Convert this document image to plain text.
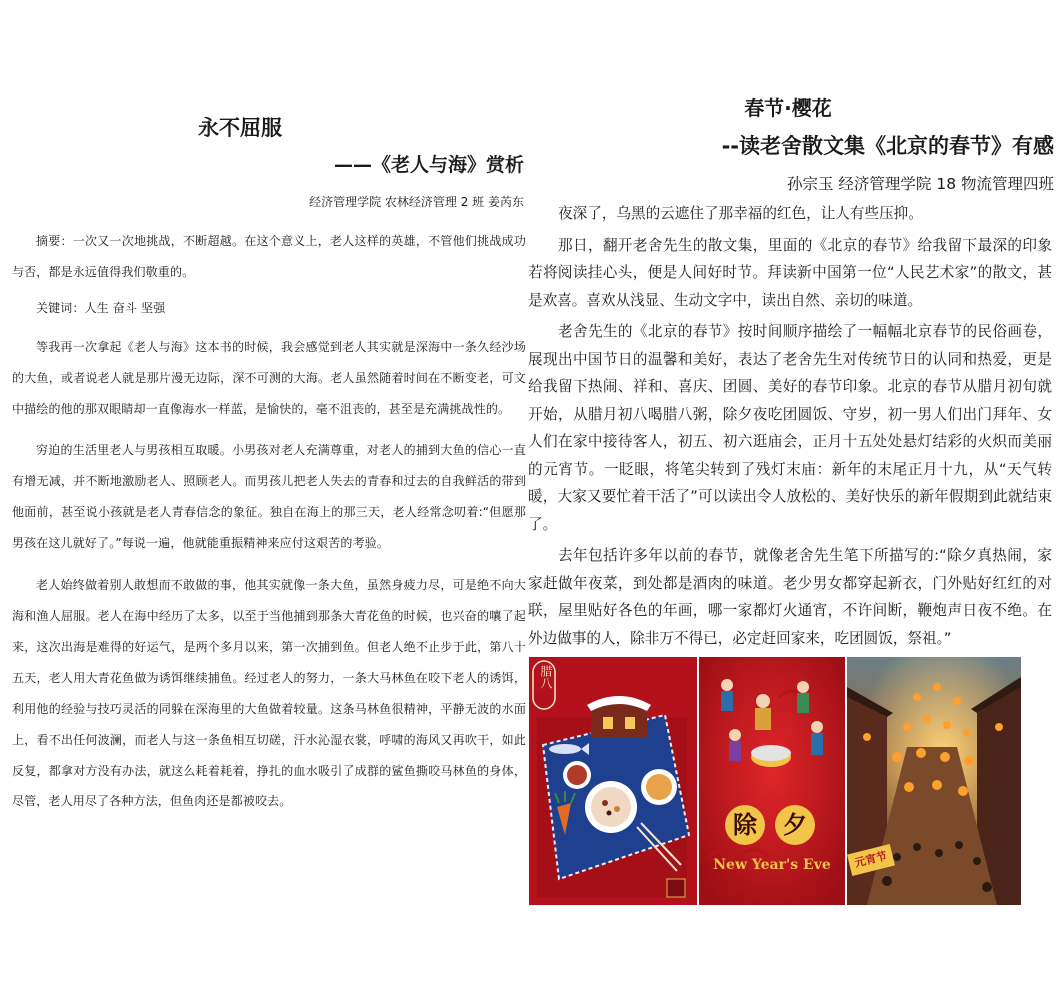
永不屈服
——《老人与海》赏析
经济管理学院 农林经济管理 2 班 姜芮东

摘要：一次又一次地挑战，不断超越。在这个意义上，老人这样的英雄，不管他们挑战成功与否，都是永远值得我们敬重的。

关键词：人生 奋斗 坚强

等我再一次拿起《老人与海》这本书的时候，我会感觉到老人其实就是深海中一条久经沙场的大鱼，或者说老人就是那片漫无边际，深不可测的大海。老人虽然随着时间在不断变老，可文中描绘的他的那双眼睛却一直像海水一样蓝，是愉快的，毫不沮丧的，甚至是充满挑战性的。

穷迫的生活里老人与男孩相互取暖。小男孩对老人充满尊重，对老人的捕到大鱼的信心一直有增无减，并不断地激励老人、照顾老人。而男孩儿把老人失去的青春和过去的自我鲜活的带到他面前，甚至说小孩就是老人青春信念的象征。独自在海上的那三天，老人经常念叨着:“但愿那男孩在这儿就好了。”每说一遍，他就能重振精神来应付这艰苦的考验。

老人始终做着别人敢想而不敢做的事，他其实就像一条大鱼，虽然身疲力尽，可是绝不向大海和渔人屈服。老人在海中经历了太多，以至于当他捕到那条大青花鱼的时候，也兴奋的嚷了起来，这次出海是难得的好运气，是两个多月以来，第一次捕到鱼。但老人绝不止步于此，第八十五天，老人用大青花鱼做为诱饵继续捕鱼。经过老人的努力，一条大马林鱼在咬下老人的诱饵，利用他的经验与技巧灵活的同躲在深海里的大鱼做着较量。这条马林鱼很精神，平静无波的水面上，看不出任何波澜，而老人与这一条鱼相互切磋，汗水沁湿衣裳，呼啸的海风又再吹干，如此反复，都拿对方没有办法，就这么耗着耗着，挣扎的血水吸引了成群的鲨鱼撕咬马林鱼的身体，尽管，老人用尽了各种方法，但鱼肉还是都被咬去。

春节·樱花
--读老舍散文集《北京的春节》有感
孙宗玉 经济管理学院 18 物流管理四班

夜深了，乌黑的云遮住了那幸福的红色，让人有些压抑。

那日，翻开老舍先生的散文集，里面的《北京的春节》给我留下最深的印象若将阅读挂心头，便是人间好时节。拜读新中国第一位“人民艺术家”的散文，甚是欢喜。喜欢从浅显、生动文字中，读出自然、亲切的味道。

老舍先生的《北京的春节》按时间顺序描绘了一幅幅北京春节的民俗画卷，展现出中国节日的温馨和美好，表达了老舍先生对传统节日的认同和热爱，更是给我留下热闹、祥和、喜庆、团圆、美好的春节印象。北京的春节从腊月初旬就开始，从腊月初八喝腊八粥，除夕夜吃团圆饭、守岁，初一男人们出门拜年、女人们在家中接待客人，初五、初六逛庙会，正月十五处处悬灯结彩的火炽而美丽的元宵节。一眨眼，将笔尖转到了残灯末庙：新年的末尾正月十九，从“天气转暖，大家又要忙着干活了”可以读出令人放松的、美好快乐的新年假期到此就结束了。

去年包括许多年以前的春节，就像老舍先生笔下所描写的:“除夕真热闹，家家赶做年夜菜，到处都是酒肉的味道。老少男女都穿起新衣，门外贴好红红的对联，屋里贴好各色的年画，哪一家都灯火通宵，不许间断，鞭炮声日夜不绝。在外边做事的人，除非万不得已，必定赶回家来，吃团圆饭，祭祖。”

腊八
除	夕
New Year's Eve	元宵节
